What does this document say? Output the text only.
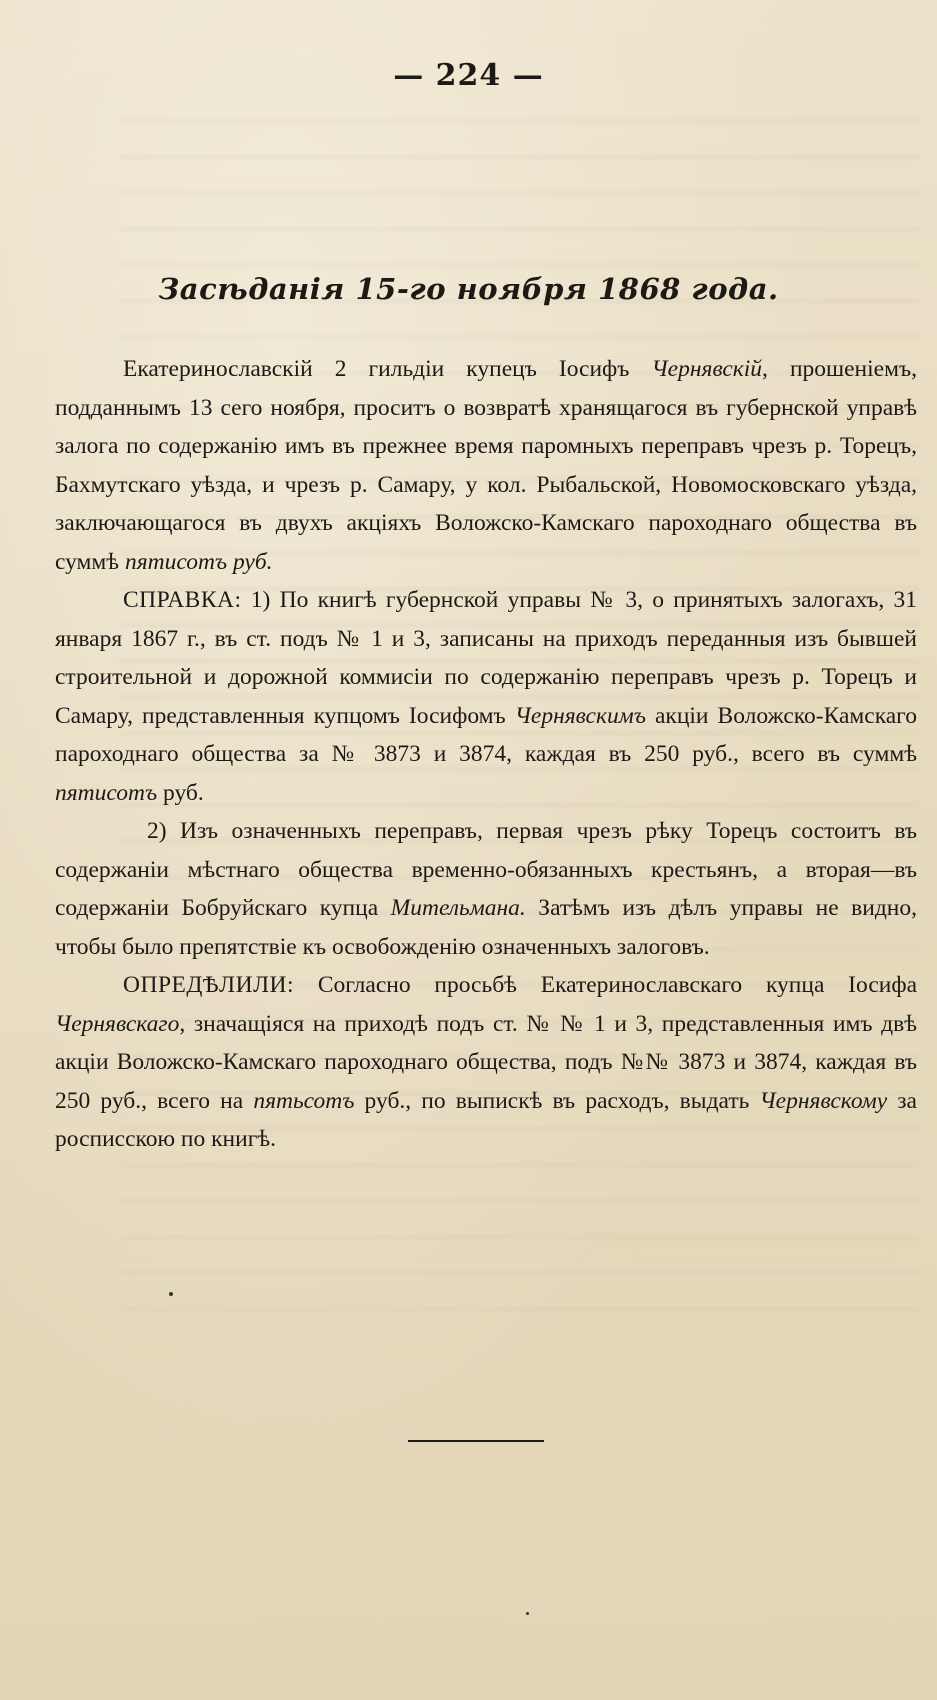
— 224 —
Засѣданія 15-го ноября 1868 года.

Екатеринославскій 2 гильдіи купецъ Іосифъ Чернявскій, прошеніемъ, подданнымъ 13 сего ноября, проситъ о возвратѣ хранящагося въ губернской управѣ залога по содержанію имъ въ прежнее время паромныхъ переправъ чрезъ р. Торецъ, Бахмутскаго уѣзда, и чрезъ р. Самару, у кол. Рыбальской, Новомосковскаго уѣзда, заключающагося въ двухъ акціяхъ Воложско-Камскаго пароходнаго общества въ суммѣ пятисотъ руб.

СПРАВКА: 1) По книгѣ губернской управы № 3, о принятыхъ залогахъ, 31 января 1867 г., въ ст. подъ № 1 и 3, записаны на приходъ переданныя изъ бывшей строительной и дорожной коммисіи по содержанію переправъ чрезъ р. Торецъ и Самару, представленныя купцомъ Іосифомъ Чернявскимъ акціи Воложско-Камскаго пароходнаго общества за № 3873 и 3874, каждая въ 250 руб., всего въ суммѣ пятисотъ руб.

2) Изъ означенныхъ переправъ, первая чрезъ рѣку Торецъ состоитъ въ содержаніи мѣстнаго общества временно-обязанныхъ крестьянъ, а вторая—въ содержаніи Бобруйскаго купца Мительмана. Затѣмъ изъ дѣлъ управы не видно, чтобы было препятствіе къ освобожденію означенныхъ залоговъ.

ОПРЕДѢЛИЛИ: Согласно просьбѣ Екатеринославскаго купца Іосифа Чернявскаго, значащіяся на приходѣ подъ ст. № № 1 и 3, представленныя имъ двѣ акціи Воложско-Камскаго пароходнаго общества, подъ №№ 3873 и 3874, каждая въ 250 руб., всего на пятьсотъ руб., по выпискѣ въ расходъ, выдать Чернявскому за росписскою по книгѣ.
